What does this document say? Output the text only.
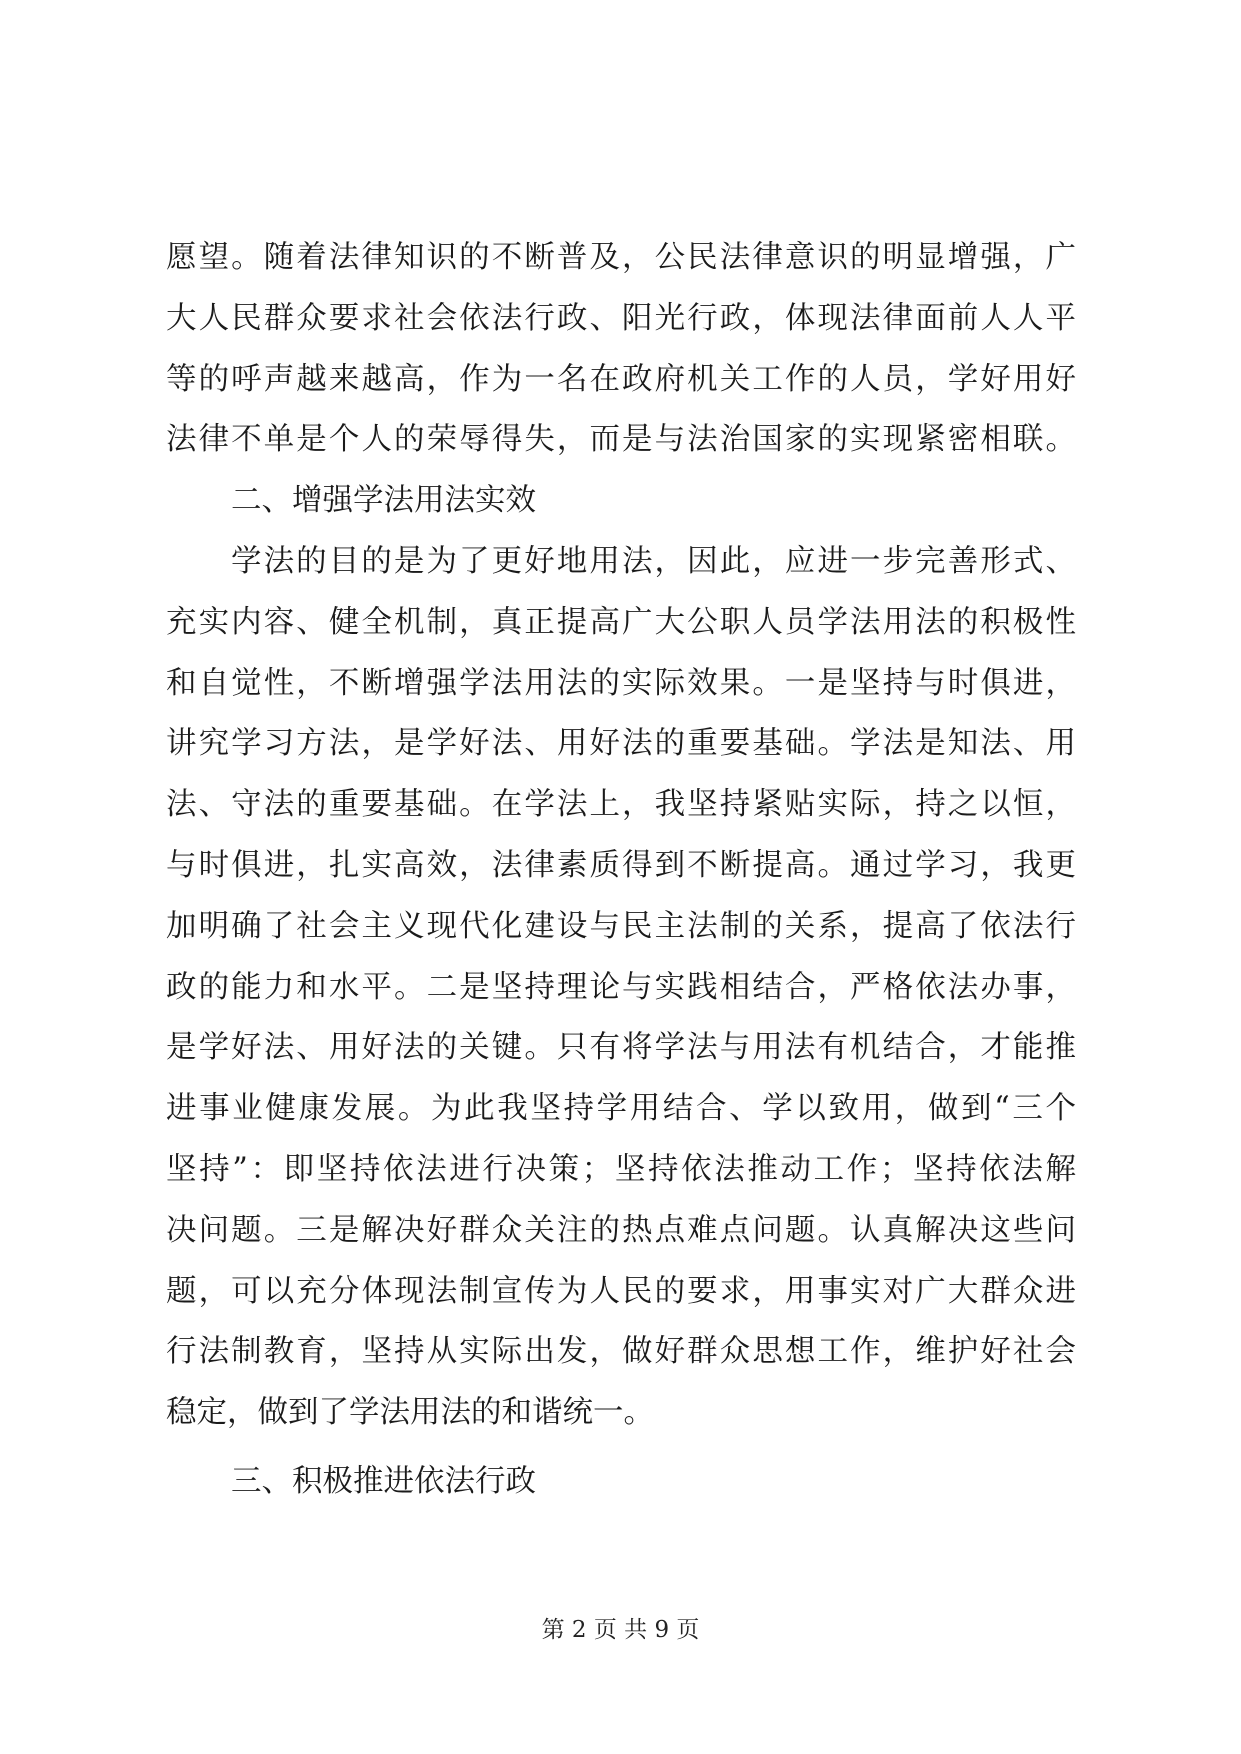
愿望。随着法律知识的不断普及，公民法律意识的明显增强，广
大人民群众要求社会依法行政、阳光行政，体现法律面前人人平
等的呼声越来越高，作为一名在政府机关工作的人员，学好用好
法律不单是个人的荣辱得失，而是与法治国家的实现紧密相联。
二、增强学法用法实效
学法的目的是为了更好地用法，因此，应进一步完善形式、
充实内容、健全机制，真正提高广大公职人员学法用法的积极性
和自觉性，不断增强学法用法的实际效果。一是坚持与时俱进，
讲究学习方法，是学好法、用好法的重要基础。学法是知法、用
法、守法的重要基础。在学法上，我坚持紧贴实际，持之以恒，
与时俱进，扎实高效，法律素质得到不断提高。通过学习，我更
加明确了社会主义现代化建设与民主法制的关系，提高了依法行
政的能力和水平。二是坚持理论与实践相结合，严格依法办事，
是学好法、用好法的关键。只有将学法与用法有机结合，才能推
进事业健康发展。为此我坚持学用结合、学以致用，做到“三个
坚持”：即坚持依法进行决策；坚持依法推动工作；坚持依法解
决问题。三是解决好群众关注的热点难点问题。认真解决这些问
题，可以充分体现法制宣传为人民的要求，用事实对广大群众进
行法制教育，坚持从实际出发，做好群众思想工作，维护好社会
稳定，做到了学法用法的和谐统一。
三、积极推进依法行政
第 2 页 共 9 页
